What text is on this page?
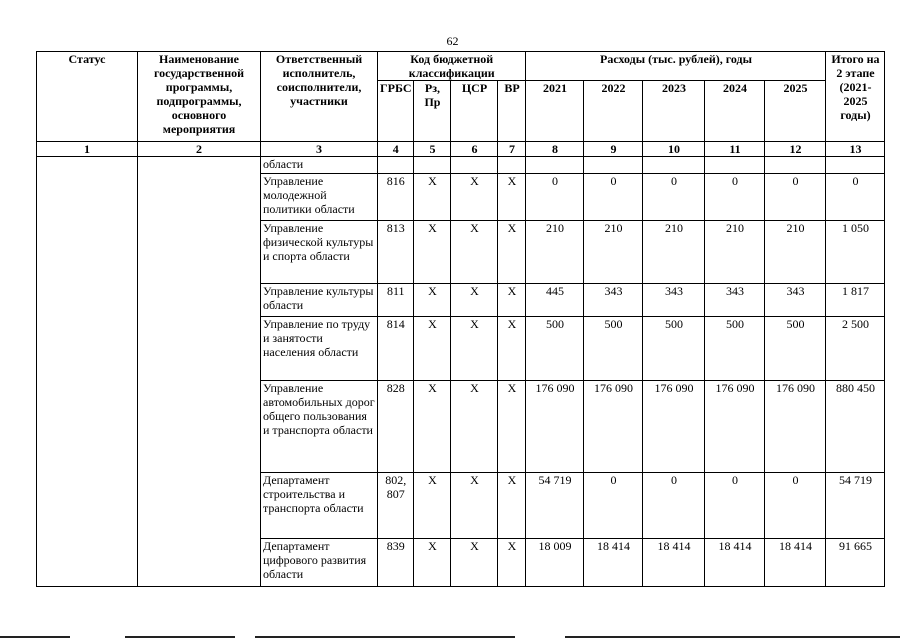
62
Статус	Наименование государственной программы, подпрограммы, основного мероприятия	Ответственный исполнитель, соисполнители, участники	Код бюджетной классификации				Расходы (тыс. рублей), годы					Итого на 2 этапе (2021-2025 годы)
			ГРБС	Рз, Пр	ЦСР	ВР	2021	2022	2023	2024	2025	
1	2	3	4	5	6	7	8	9	10	11	12	13
		области										
		Управление молодежной политики области	816	X	X	X	0	0	0	0	0	0
		Управление физической культуры и спорта области	813	X	X	X	210	210	210	210	210	1 050
		Управление культуры области	811	X	X	X	445	343	343	343	343	1 817
		Управление по труду и занятости населения области	814	X	X	X	500	500	500	500	500	2 500
		Управление автомобильных дорог общего пользования и транспорта области	828	X	X	X	176 090	176 090	176 090	176 090	176 090	880 450
		Департамент строительства и транспорта области	802, 807	X	X	X	54 719	0	0	0	0	54 719
		Департамент цифрового развития области	839	X	X	X	18 009	18 414	18 414	18 414	18 414	91 665
